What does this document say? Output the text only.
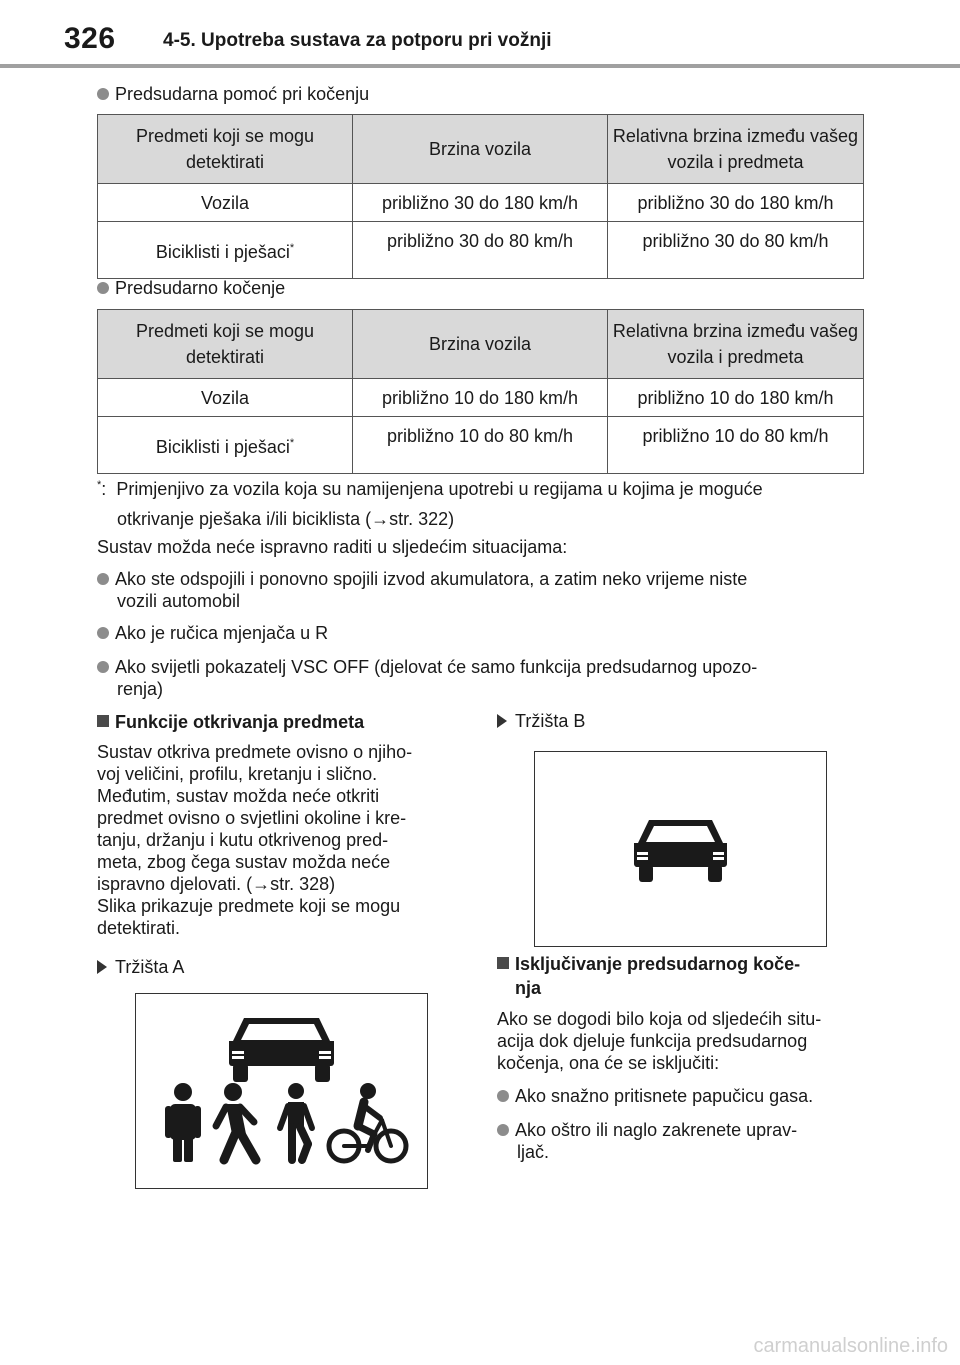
326 4-5. Upotreba sustava za potporu pri vožnji
Predsudarna pomoć pri kočenju
Predmeti koji se mogu detektirati	Brzina vozila	Relativna brzina između vašeg vozila i predmeta
Vozila	približno 30 do 180 km/h	približno 30 do 180 km/h
Biciklisti i pješaci*	približno 30 do 80 km/h	približno 30 do 80 km/h
Predsudarno kočenje
Predmeti koji se mogu detektirati	Brzina vozila	Relativna brzina između vašeg vozila i predmeta
Vozila	približno 10 do 180 km/h	približno 10 do 180 km/h
Biciklisti i pješaci*	približno 10 do 80 km/h	približno 10 do 80 km/h
*: Primjenjivo za vozila koja su namijenjena upotrebi u regijama u kojima je moguće
otkrivanje pješaka i/ili biciklista (→str. 322)
Sustav možda neće ispravno raditi u sljedećim situacijama:
Ako ste odspojili i ponovno spojili izvod akumulatora, a zatim neko vrijeme niste
vozili automobil
Ako je ručica mjenjača u R
Ako svijetli pokazatelj VSC OFF (djelovat će samo funkcija predsudarnog upozo-
renja)
Funkcije otkrivanja predmeta
Sustav otkriva predmete ovisno o njiho-
voj veličini, profilu, kretanju i slično.
Međutim, sustav možda neće otkriti
predmet ovisno o svjetlini okoline i kre-
tanju, držanju i kutu otkrivenog pred-
meta, zbog čega sustav možda neće
ispravno djelovati. (→str. 328)
Slika prikazuje predmete koji se mogu
detektirati.
Tržišta A
Tržišta B
Isključivanje predsudarnog koče-
nja
Ako se dogodi bilo koja od sljedećih situ-
acija dok djeluje funkcija predsudarnog
kočenja, ona će se isključiti:
Ako snažno pritisnete papučicu gasa.
Ako oštro ili naglo zakrenete uprav-
ljač.
carmanualsonline.info
